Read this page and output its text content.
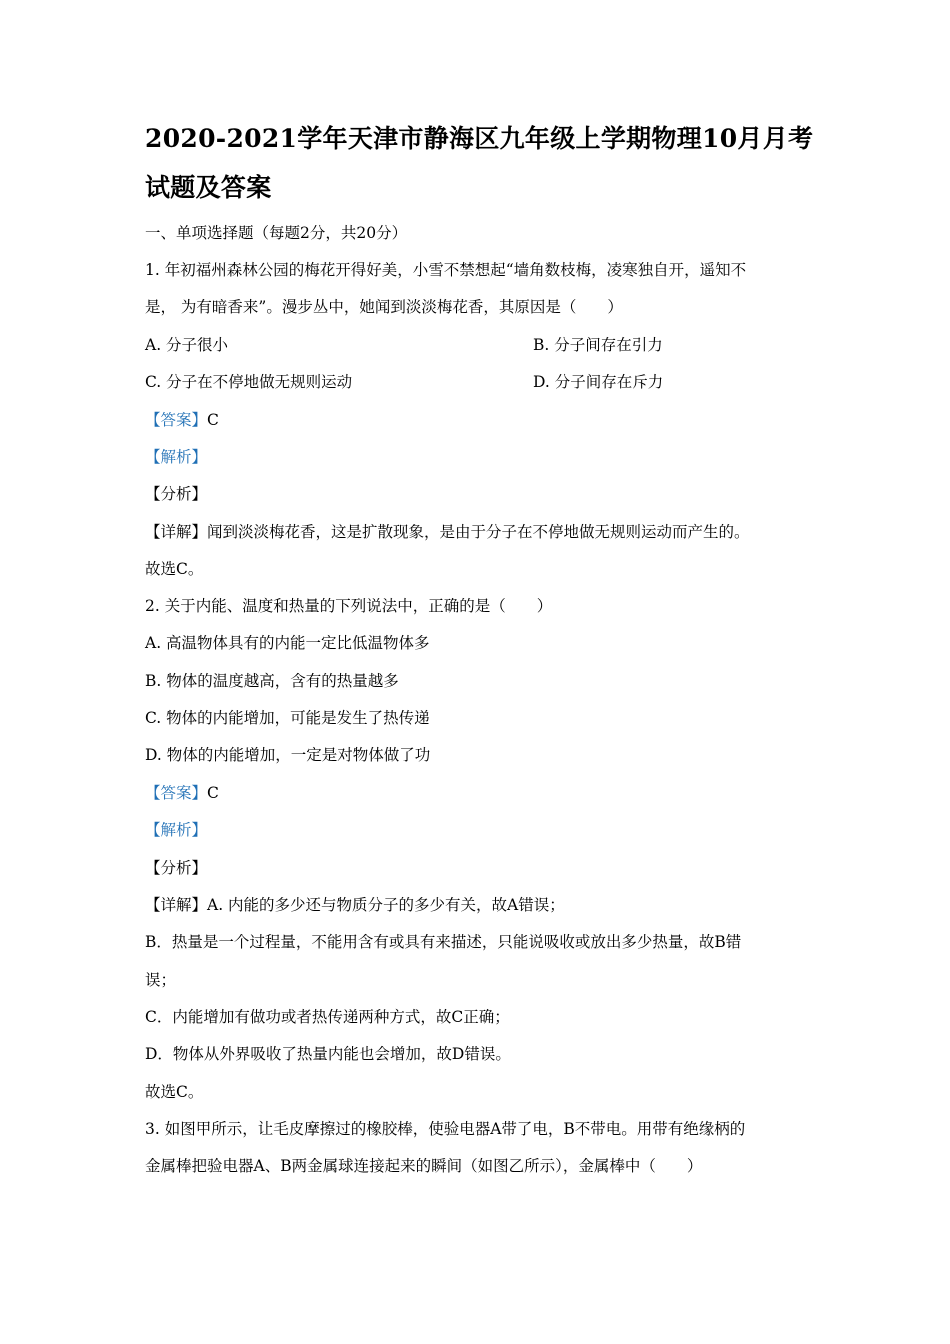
2020-2021学年天津市静海区九年级上学期物理10月月考
试题及答案
一、单项选择题（每题2分，共20分）
1. 年初福州森林公园的梅花开得好美，小雪不禁想起“墙角数枝梅，凌寒独自开，遥知不
是， 为有暗香来”。漫步丛中，她闻到淡淡梅花香，其原因是（　　）
A. 分子很小	B. 分子间存在引力
C. 分子在不停地做无规则运动	D. 分子间存在斥力
【答案】C
【解析】
【分析】
【详解】闻到淡淡梅花香，这是扩散现象，是由于分子在不停地做无规则运动而产生的。
故选C。
2. 关于内能、温度和热量的下列说法中，正确的是（　　）
A. 高温物体具有的内能一定比低温物体多
B. 物体的温度越高，含有的热量越多
C. 物体的内能增加，可能是发生了热传递
D. 物体的内能增加，一定是对物体做了功
【答案】C
【解析】
【分析】
【详解】A. 内能的多少还与物质分子的多少有关，故A错误；
B．热量是一个过程量，不能用含有或具有来描述，只能说吸收或放出多少热量，故B错
误；
C．内能增加有做功或者热传递两种方式，故C正确；
D．物体从外界吸收了热量内能也会增加，故D错误。
故选C。
3. 如图甲所示，让毛皮摩擦过的橡胶棒，使验电器A带了电，B不带电。用带有绝缘柄的
金属棒把验电器A、B两金属球连接起来的瞬间（如图乙所示），金属棒中（　　）
